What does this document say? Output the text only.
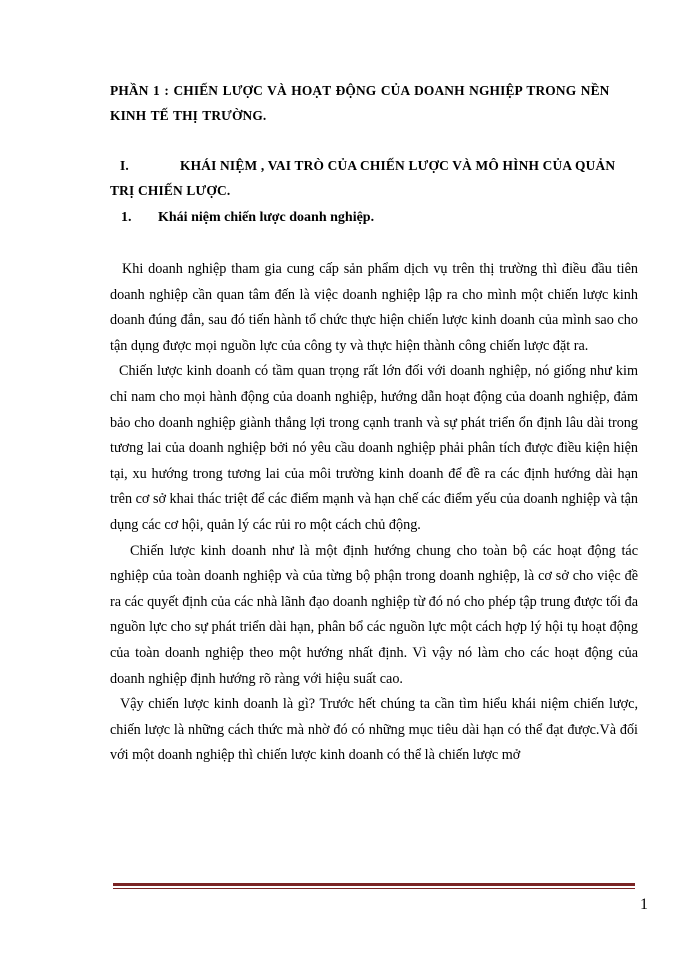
PHẦN 1 : CHIẾN LƯỢC VÀ HOẠT ĐỘNG CỦA DOANH NGHIỆP TRONG NỀN KINH TẾ THỊ TRƯỜNG.
I.	KHÁI NIỆM , VAI TRÒ CỦA CHIẾN LƯỢC VÀ MÔ HÌNH CỦA QUẢN TRỊ CHIẾN LƯỢC.
1. Khái niệm chiến lược doanh nghiệp.

Khi doanh nghiệp tham gia cung cấp sản phẩm dịch vụ trên thị trường thì điều đầu tiên doanh nghiệp cần quan tâm đến là việc doanh nghiệp lập ra cho mình một chiến lược kinh doanh đúng đắn, sau đó tiến hành tổ chức thực hiện chiến lược kinh doanh của mình sao cho tận dụng được mọi nguồn lực của công ty và thực hiện thành công chiến lược đặt ra.

Chiến lược kinh doanh có tầm quan trọng rất lớn đối với doanh nghiệp, nó giống như kim chỉ nam cho mọi hành động của doanh nghiệp, hướng dẫn hoạt động của doanh nghiệp, đảm bảo cho doanh nghiệp giành thắng lợi trong cạnh tranh và sự phát triển ổn định lâu dài trong tương lai của doanh nghiệp bởi nó yêu cầu doanh nghiệp phải phân tích được điều kiện hiện tại, xu hướng trong tương lai của môi trường kinh doanh để đề ra các định hướng dài hạn trên cơ sở khai thác triệt để các điểm mạnh và hạn chế các điểm yếu của doanh nghiệp và tận dụng các cơ hội, quản lý các rủi ro một cách chủ động.

Chiến lược kinh doanh như là một định hướng chung cho toàn bộ các hoạt động tác nghiệp của toàn doanh nghiệp và của từng bộ phận trong doanh nghiệp, là cơ sở cho việc đề ra các quyết định của các nhà lãnh đạo doanh nghiệp từ đó nó cho phép tập trung được tối đa nguồn lực cho sự phát triển dài hạn, phân bổ các nguồn lực một cách hợp lý hội tụ hoạt động của toàn doanh nghiệp theo một hướng nhất định. Vì vậy nó làm cho các hoạt động của doanh nghiệp định hướng rõ ràng với hiệu suất cao.

Vậy chiến lược kinh doanh là gì? Trước hết chúng ta cần tìm hiểu khái niệm chiến lược, chiến lược là những cách thức mà nhờ đó có những mục tiêu dài hạn có thể đạt được.Và đối với một doanh nghiệp thì chiến lược kinh doanh có thể là chiến lược mở

1
